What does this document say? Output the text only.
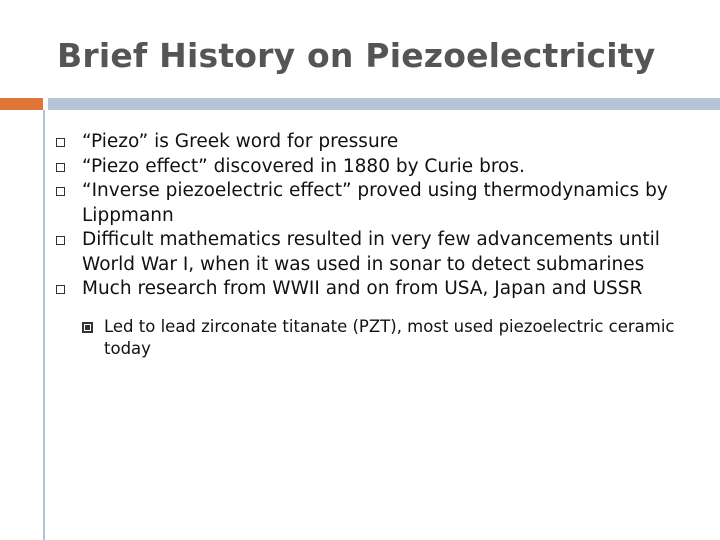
Brief History on Piezoelectricity
“Piezo” is Greek word for pressure
“Piezo effect” discovered in 1880 by Curie bros.
“Inverse piezoelectric effect” proved using thermodynamics by Lippmann
Difficult mathematics resulted in very few advancements until World War I, when it was used in sonar to detect submarines
Much research from WWII and on from USA, Japan and USSR
Led to lead zirconate titanate (PZT), most used piezoelectric ceramic today
